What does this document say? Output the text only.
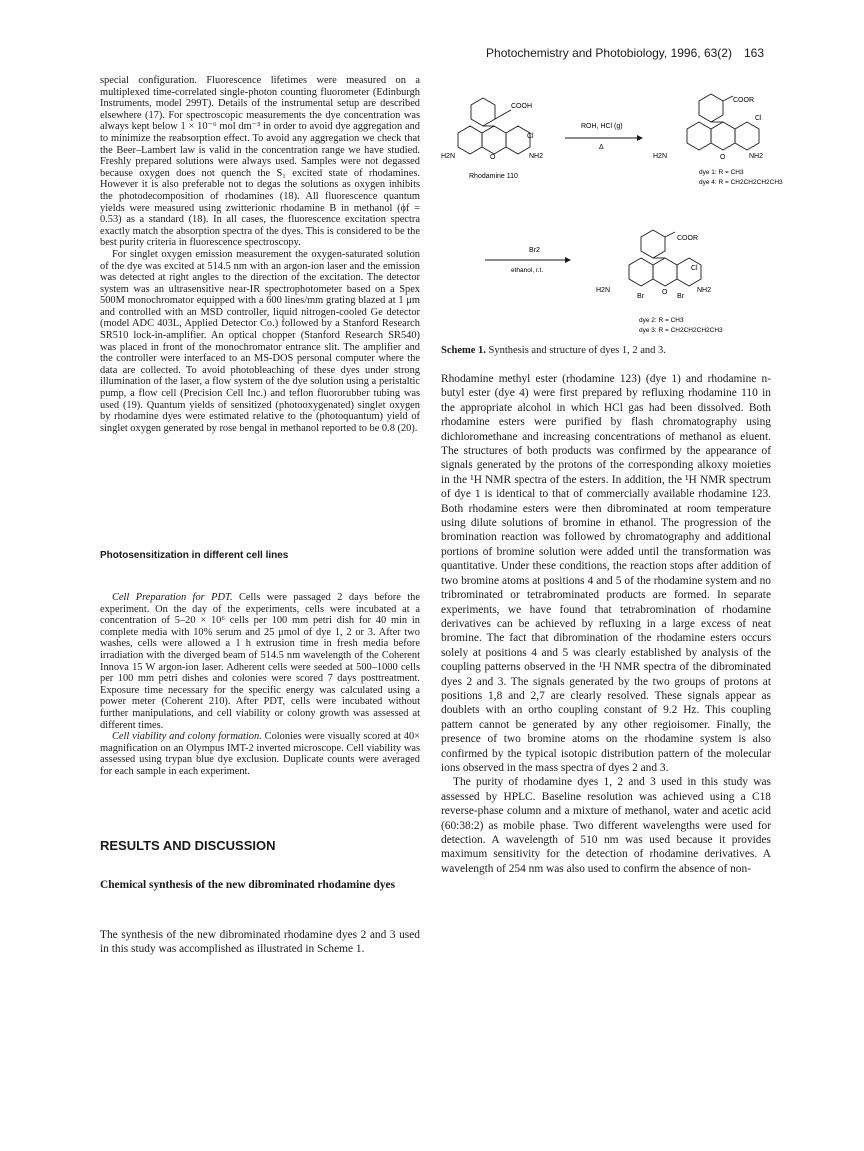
Photochemistry and Photobiology, 1996, 63(2) 163

special configuration. Fluorescence lifetimes were measured on a multiplexed time-correlated single-photon counting fluorometer (Edinburgh Instruments, model 299T). Details of the instrumental setup are described elsewhere (17). For spectroscopic measurements the dye concentration was always kept below 1 × 10⁻⁶ mol dm⁻³ in order to avoid dye aggregation and to minimize the reabsorption effect. To avoid any aggregation we check that the Beer–Lambert law is valid in the concentration range we have studied. Freshly prepared solutions were always used. Samples were not degassed because oxygen does not quench the S₁ excited state of rhodamines. However it is also preferable not to degas the solutions as oxygen inhibits the photodecomposition of rhodamines (18). All fluorescence quantum yields were measured using zwitterionic rhodamine B in methanol (ϕf = 0.53) as a standard (18). In all cases, the fluorescence excitation spectra exactly match the absorption spectra of the dyes. This is considered to be the best purity criteria in fluorescence spectroscopy.

For singlet oxygen emission measurement the oxygen-saturated solution of the dye was excited at 514.5 nm with an argon-ion laser and the emission was detected at right angles to the direction of the excitation. The detector system was an ultrasensitive near-IR spectrophotometer based on a Spex 500M monochromator equipped with a 600 lines/mm grating blazed at 1 μm and controlled with an MSD controller, liquid nitrogen-cooled Ge detector (model ADC 403L, Applied Detector Co.) followed by a Stanford Research SR510 lock-in-amplifier. An optical chopper (Stanford Research SR540) was placed in front of the monochromator entrance slit. The amplifier and the controller were interfaced to an MS-DOS personal computer where the data are collected. To avoid photobleaching of these dyes under strong illumination of the laser, a flow system of the dye solution using a peristaltic pump, a flow cell (Precision Cell Inc.) and teflon fluororubber tubing was used (19). Quantum yields of sensitized (photooxygenated) singlet oxygen by rhodamine dyes were estimated relative to the (photoquantum) yield of singlet oxygen generated by rose bengal in methanol reported to be 0.8 (20).

Photosensitization in different cell lines

Cell Preparation for PDT. Cells were passaged 2 days before the experiment. On the day of the experiments, cells were incubated at a concentration of 5–20 × 10⁶ cells per 100 mm petri dish for 40 min in complete media with 10% serum and 25 μmol of dye 1, 2 or 3. After two washes, cells were allowed a 1 h extrusion time in fresh media before irradiation with the diverged beam of 514.5 nm wavelength of the Coherent Innova 15 W argon-ion laser. Adherent cells were seeded at 500–1000 cells per 100 mm petri dishes and colonies were scored 7 days posttreatment. Exposure time necessary for the specific energy was calculated using a power meter (Coherent 210). After PDT, cells were incubated without further manipulations, and cell viability or colony growth was assessed at different times.

Cell viability and colony formation. Colonies were visually scored at 40× magnification on an Olympus IMT-2 inverted microscope. Cell viability was assessed using trypan blue dye exclusion. Duplicate counts were averaged for each sample in each experiment.

RESULTS AND DISCUSSION
Chemical synthesis of the new dibrominated rhodamine dyes

The synthesis of the new dibrominated rhodamine dyes 2 and 3 used in this study was accomplished as illustrated in Scheme 1.

COOH
H2N	NH2
O
Cl
Rhodamine 110
ROH, HCl (g)
Δ
COOR
H2N	NH2
O
Cl
dye 1: R = CH3
dye 4: R = CH2CH2CH2CH3
Br2
ethanol, r.t.
COOR
H2N	NH2
O
Cl
Br	Br
dye 2: R = CH3
dye 3: R = CH2CH2CH2CH3
Scheme 1. Synthesis and structure of dyes 1, 2 and 3.

Rhodamine methyl ester (rhodamine 123) (dye 1) and rhodamine n-butyl ester (dye 4) were first prepared by refluxing rhodamine 110 in the appropriate alcohol in which HCl gas had been dissolved. Both rhodamine esters were purified by flash chromatography using dichloromethane and increasing concentrations of methanol as eluent. The structures of both products was confirmed by the appearance of signals generated by the protons of the corresponding alkoxy moieties in the ¹H NMR spectra of the esters. In addition, the ¹H NMR spectrum of dye 1 is identical to that of commercially available rhodamine 123. Both rhodamine esters were then dibrominated at room temperature using dilute solutions of bromine in ethanol. The progression of the bromination reaction was followed by chromatography and additional portions of bromine solution were added until the transformation was quantitative. Under these conditions, the reaction stops after addition of two bromine atoms at positions 4 and 5 of the rhodamine system and no tribrominated or tetrabrominated products are formed. In separate experiments, we have found that tetrabromination of rhodamine derivatives can be achieved by refluxing in a large excess of neat bromine. The fact that dibromination of the rhodamine esters occurs solely at positions 4 and 5 was clearly established by analysis of the coupling patterns observed in the ¹H NMR spectra of the dibrominated dyes 2 and 3. The signals generated by the two groups of protons at positions 1,8 and 2,7 are clearly resolved. These signals appear as doublets with an ortho coupling constant of 9.2 Hz. This coupling pattern cannot be generated by any other regioisomer. Finally, the presence of two bromine atoms on the rhodamine system is also confirmed by the typical isotopic distribution pattern of the molecular ions observed in the mass spectra of dyes 2 and 3.

The purity of rhodamine dyes 1, 2 and 3 used in this study was assessed by HPLC. Baseline resolution was achieved using a C18 reverse-phase column and a mixture of methanol, water and acetic acid (60:38:2) as mobile phase. Two different wavelengths were used for detection. A wavelength of 510 nm was used because it provides maximum sensitivity for the detection of rhodamine derivatives. A wavelength of 254 nm was also used to confirm the absence of non-
